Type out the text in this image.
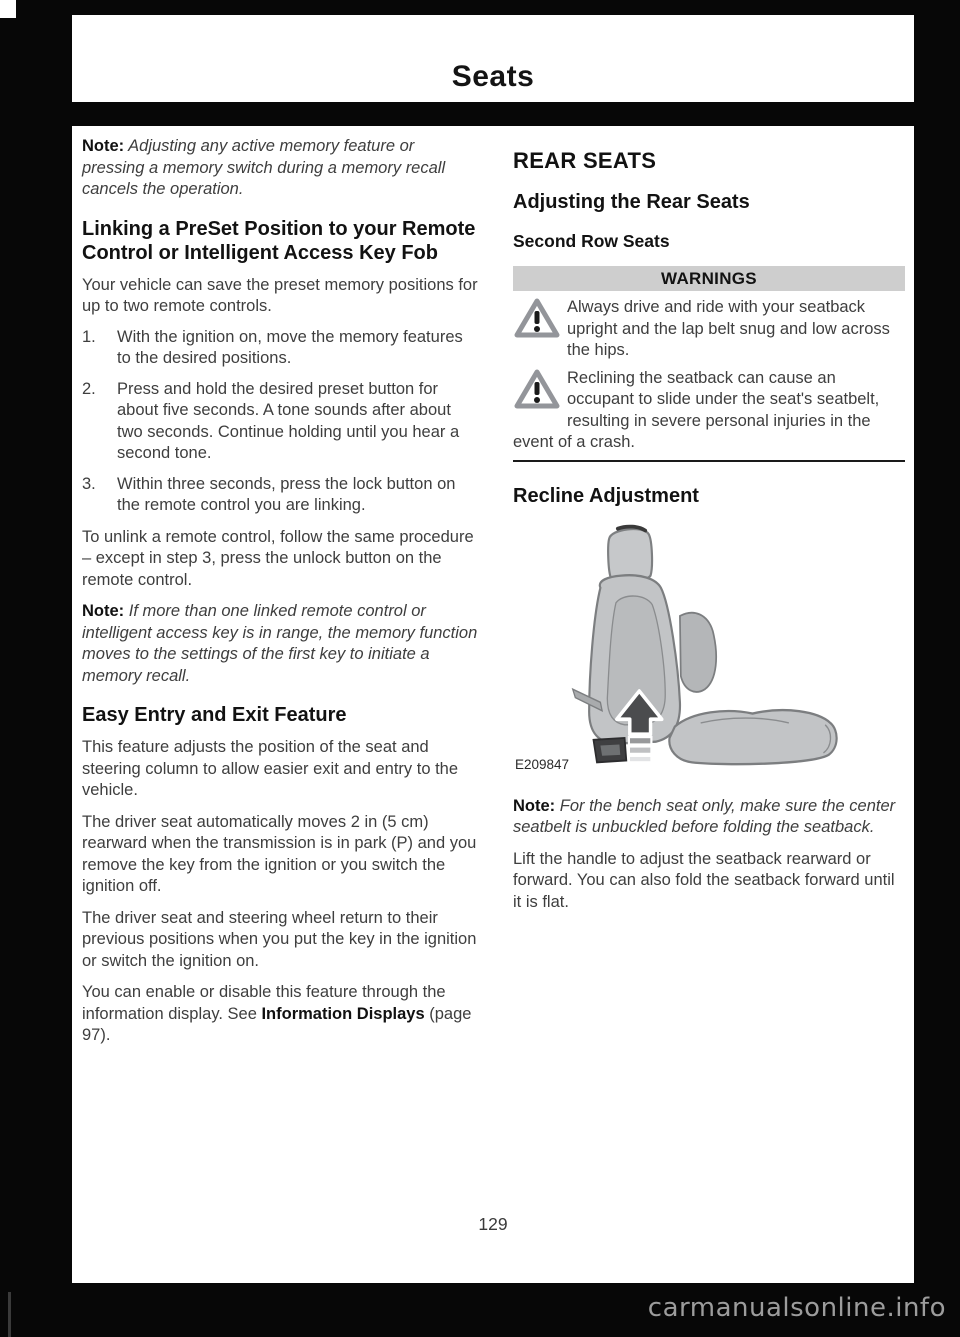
Seats

Note: Adjusting any active memory feature or pressing a memory switch during a memory recall cancels the operation.

Linking a PreSet Position to your Remote Control or Intelligent Access Key Fob

Your vehicle can save the preset memory positions for up to two remote controls.

1.	With the ignition on, move the memory features to the desired positions.
2.	Press and hold the desired preset button for about five seconds. A tone sounds after about two seconds. Continue holding until you hear a second tone.
3.	Within three seconds, press the lock button on the remote control you are linking.

To unlink a remote control, follow the same procedure – except in step 3, press the unlock button on the remote control.

Note: If more than one linked remote control or intelligent access key is in range, the memory function moves to the settings of the first key to initiate a memory recall.

Easy Entry and Exit Feature

This feature adjusts the position of the seat and steering column to allow easier exit and entry to the vehicle.

The driver seat automatically moves 2 in (5 cm) rearward when the transmission is in park (P) and you remove the key from the ignition or you switch the ignition off.

The driver seat and steering wheel return to their previous positions when you put the key in the ignition or switch the ignition on.

You can enable or disable this feature through the information display. See Information Displays (page 97).

REAR SEATS
Adjusting the Rear Seats
Second Row Seats
WARNINGS
Always drive and ride with your seatback upright and the lap belt snug and low across the hips.
Reclining the seatback can cause an occupant to slide under the seat's seatbelt, resulting in severe personal injuries in the event of a crash.
Recline Adjustment
E209847

Note: For the bench seat only, make sure the center seatbelt is unbuckled before folding the seatback.

Lift the handle to adjust the seatback rearward or forward. You can also fold the seatback forward until it is flat.

129
carmanualsonline.info
